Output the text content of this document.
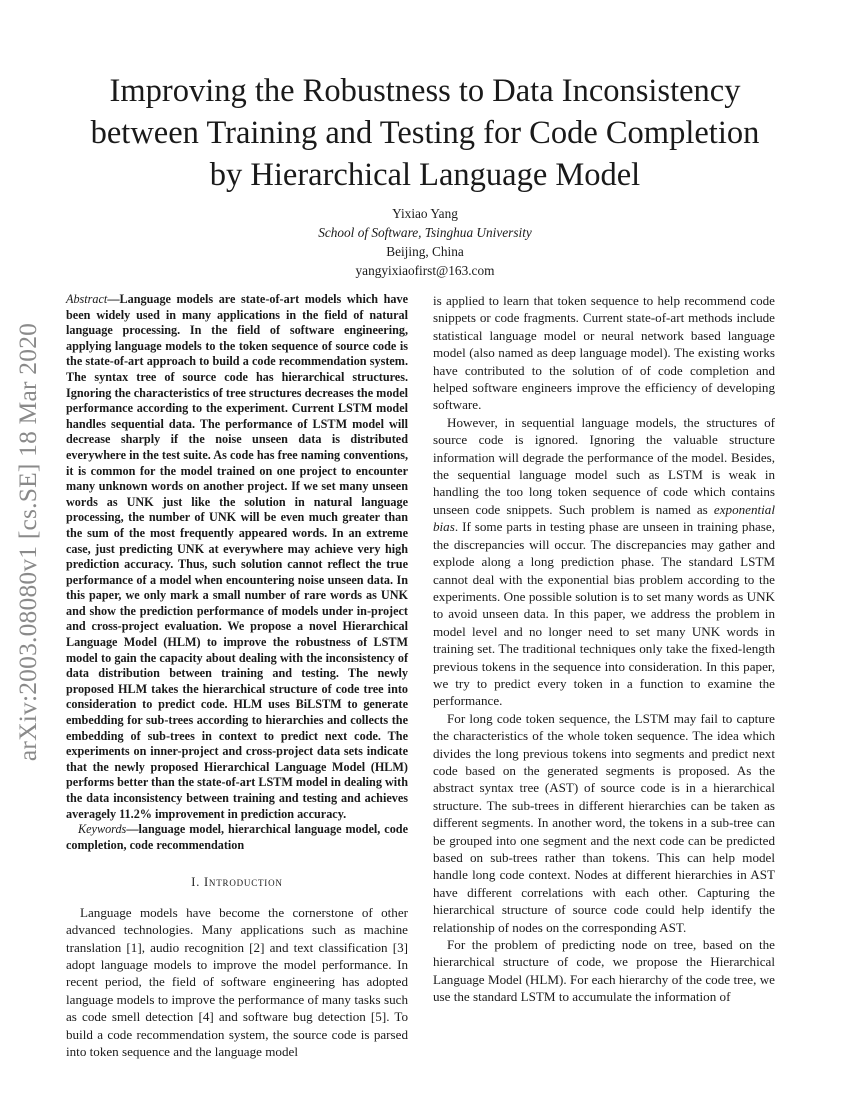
Improving the Robustness to Data Inconsistency
between Training and Testing for Code Completion
by Hierarchical Language Model
Yixiao Yang
School of Software, Tsinghua University
Beijing, China
yangyixiaofirst@163.com
arXiv:2003.08080v1 [cs.SE] 18 Mar 2020

Abstract—Language models are state-of-art models which have been widely used in many applications in the field of natural language processing. In the field of software engineering, applying language models to the token sequence of source code is the state-of-art approach to build a code recommendation system. The syntax tree of source code has hierarchical structures. Ignoring the characteristics of tree structures decreases the model performance according to the experiment. Current LSTM model handles sequential data. The performance of LSTM model will decrease sharply if the noise unseen data is distributed everywhere in the test suite. As code has free naming conventions, it is common for the model trained on one project to encounter many unknown words on another project. If we set many unseen words as UNK just like the solution in natural language processing, the number of UNK will be even much greater than the sum of the most frequently appeared words. In an extreme case, just predicting UNK at everywhere may achieve very high prediction accuracy. Thus, such solution cannot reflect the true performance of a model when encountering noise unseen data. In this paper, we only mark a small number of rare words as UNK and show the prediction performance of models under in-project and cross-project evaluation. We propose a novel Hierarchical Language Model (HLM) to improve the robustness of LSTM model to gain the capacity about dealing with the inconsistency of data distribution between training and testing. The newly proposed HLM takes the hierarchical structure of code tree into consideration to predict code. HLM uses BiLSTM to generate embedding for sub-trees according to hierarchies and collects the embedding of sub-trees in context to predict next code. The experiments on inner-project and cross-project data sets indicate that the newly proposed Hierarchical Language Model (HLM) performs better than the state-of-art LSTM model in dealing with the data inconsistency between training and testing and achieves averagely 11.2% improvement in prediction accuracy.

Keywords—language model, hierarchical language model, code completion, code recommendation

I. Introduction

Language models have become the cornerstone of other advanced technologies. Many applications such as machine translation [1], audio recognition [2] and text classification [3] adopt language models to improve the model performance. In recent period, the field of software engineering has adopted language models to improve the performance of many tasks such as code smell detection [4] and software bug detection [5]. To build a code recommendation system, the source code is parsed into token sequence and the language model

is applied to learn that token sequence to help recommend code snippets or code fragments. Current state-of-art methods include statistical language model or neural network based language model (also named as deep language model). The existing works have contributed to the solution of of code completion and helped software engineers improve the efficiency of developing software.

However, in sequential language models, the structures of source code is ignored. Ignoring the valuable structure information will degrade the performance of the model. Besides, the sequential language model such as LSTM is weak in handling the too long token sequence of code which contains unseen code snippets. Such problem is named as exponential bias. If some parts in testing phase are unseen in training phase, the discrepancies will occur. The discrepancies may gather and explode along a long prediction phase. The standard LSTM cannot deal with the exponential bias problem according to the experiments. One possible solution is to set many words as UNK to avoid unseen data. In this paper, we address the problem in model level and no longer need to set many UNK words in training set. The traditional techniques only take the fixed-length previous tokens in the sequence into consideration. In this paper, we try to predict every token in a function to examine the performance.

For long code token sequence, the LSTM may fail to capture the characteristics of the whole token sequence. The idea which divides the long previous tokens into segments and predict next code based on the generated segments is proposed. As the abstract syntax tree (AST) of source code is in a hierarchical structure. The sub-trees in different hierarchies can be taken as different segments. In another word, the tokens in a sub-tree can be grouped into one segment and the next code can be predicted based on sub-trees rather than tokens. This can help model handle long code context. Nodes at different hierarchies in AST have different correlations with each other. Capturing the hierarchical structure of source code could help identify the relationship of nodes on the corresponding AST.

For the problem of predicting node on tree, based on the hierarchical structure of code, we propose the Hierarchical Language Model (HLM). For each hierarchy of the code tree, we use the standard LSTM to accumulate the information of
